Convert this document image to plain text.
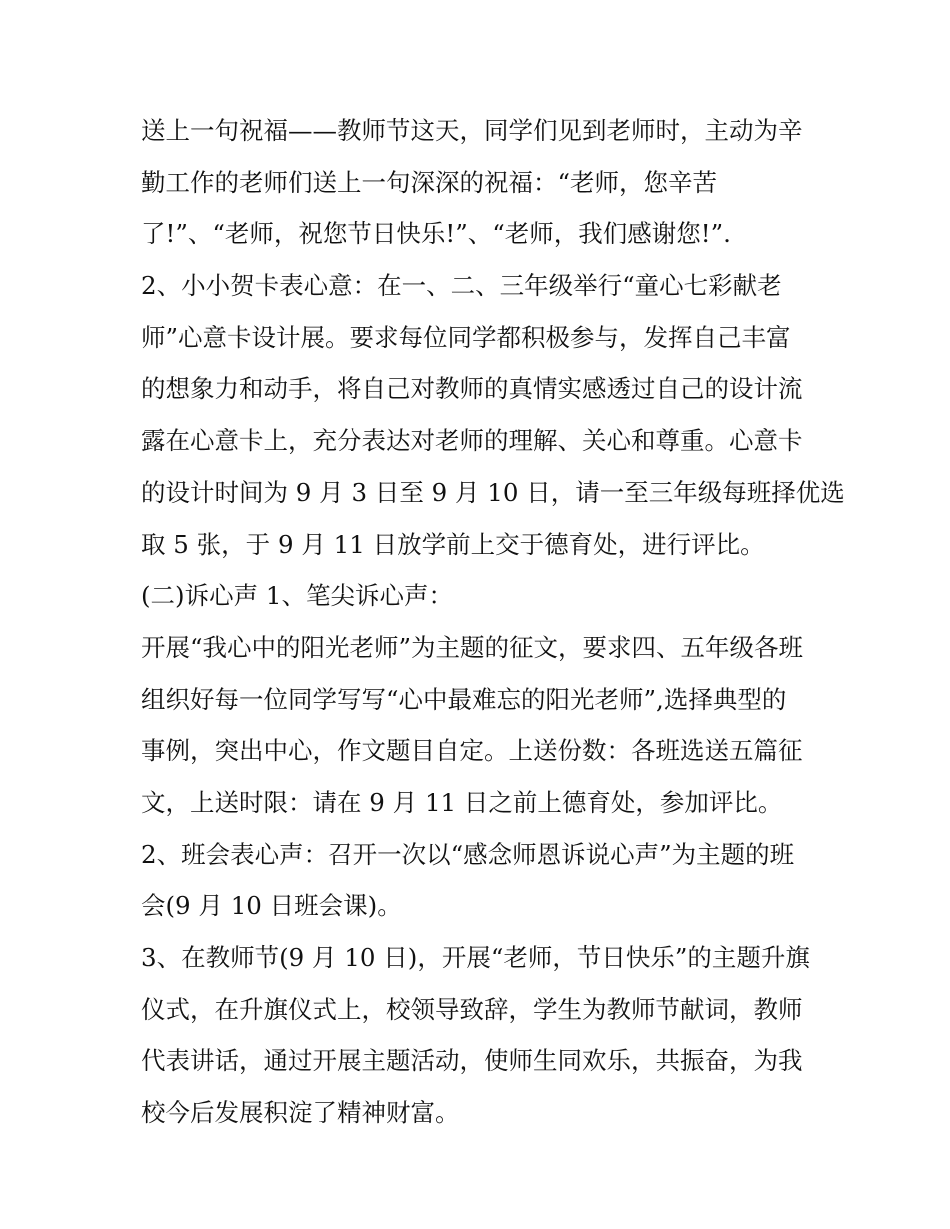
送上一句祝福——教师节这天，同学们见到老师时，主动为辛
勤工作的老师们送上一句深深的祝福：“老师，您辛苦
了!”、“老师，祝您节日快乐!”、“老师，我们感谢您!”.
2、小小贺卡表心意：在一、二、三年级举行“童心七彩献老
师”心意卡设计展。要求每位同学都积极参与，发挥自己丰富
的想象力和动手，将自己对教师的真情实感透过自己的设计流
露在心意卡上，充分表达对老师的理解、关心和尊重。心意卡
的设计时间为 9 月 3 日至 9 月 10 日，请一至三年级每班择优选
取 5 张，于 9 月 11 日放学前上交于德育处，进行评比。
(二)诉心声 1、笔尖诉心声：
开展“我心中的阳光老师”为主题的征文，要求四、五年级各班
组织好每一位同学写写“心中最难忘的阳光老师”,选择典型的
事例，突出中心，作文题目自定。上送份数：各班选送五篇征
文，上送时限：请在 9 月 11 日之前上德育处，参加评比。
2、班会表心声：召开一次以“感念师恩诉说心声”为主题的班
会(9 月 10 日班会课)。
3、在教师节(9 月 10 日)，开展“老师，节日快乐”的主题升旗
仪式，在升旗仪式上，校领导致辞，学生为教师节献词，教师
代表讲话，通过开展主题活动，使师生同欢乐，共振奋，为我
校今后发展积淀了精神财富。
